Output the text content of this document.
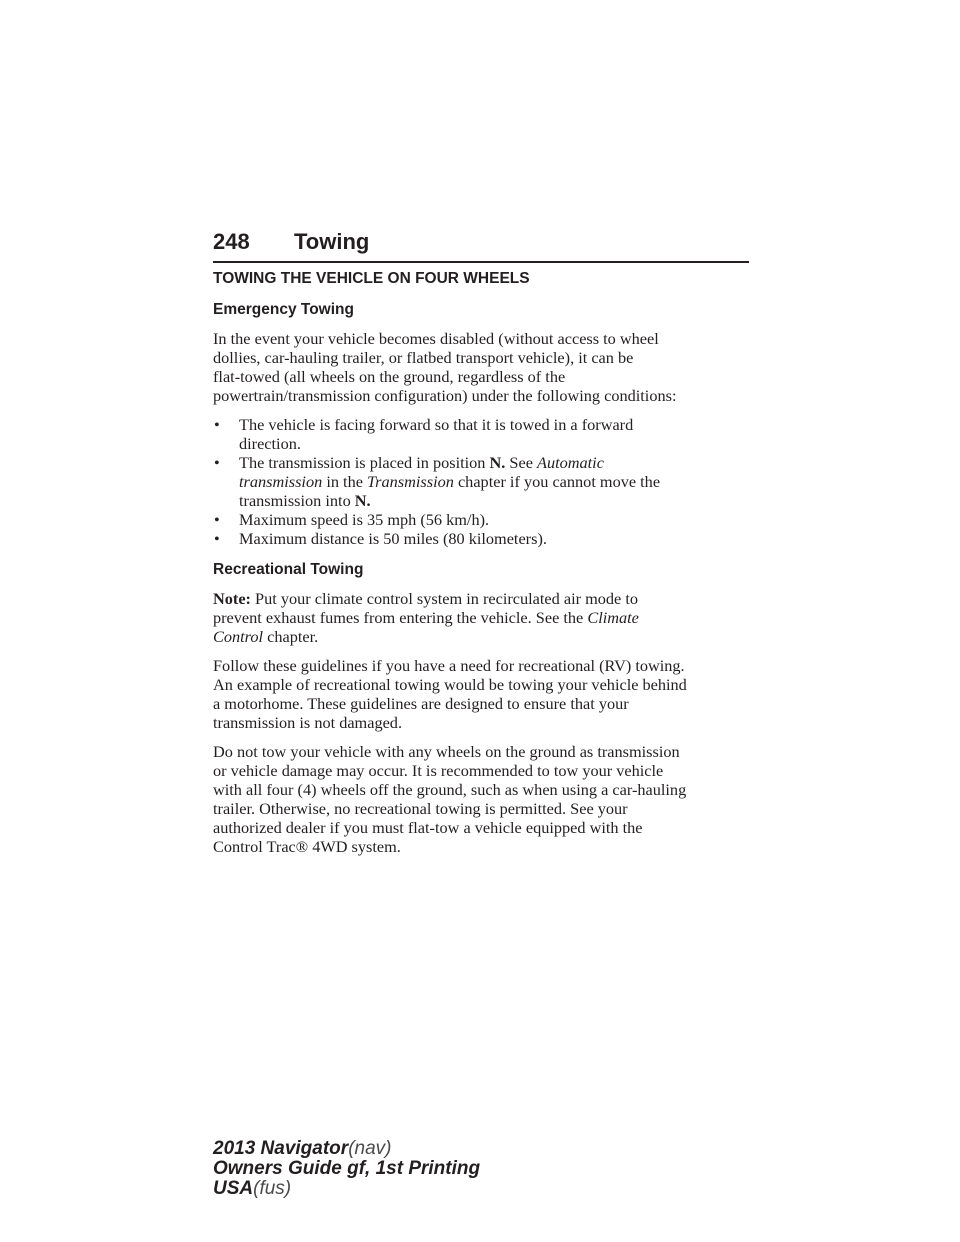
248 Towing
TOWING THE VEHICLE ON FOUR WHEELS
Emergency Towing
In the event your vehicle becomes disabled (without access to wheel
dollies, car-hauling trailer, or flatbed transport vehicle), it can be
flat-towed (all wheels on the ground, regardless of the
powertrain/transmission configuration) under the following conditions:
• The vehicle is facing forward so that it is towed in a forward
direction.
• The transmission is placed in position N. See Automatic
transmission in the Transmission chapter if you cannot move the
transmission into N.
• Maximum speed is 35 mph (56 km/h).
• Maximum distance is 50 miles (80 kilometers).
Recreational Towing
Note: Put your climate control system in recirculated air mode to
prevent exhaust fumes from entering the vehicle. See the Climate
Control chapter.
Follow these guidelines if you have a need for recreational (RV) towing.
An example of recreational towing would be towing your vehicle behind
a motorhome. These guidelines are designed to ensure that your
transmission is not damaged.
Do not tow your vehicle with any wheels on the ground as transmission
or vehicle damage may occur. It is recommended to tow your vehicle
with all four (4) wheels off the ground, such as when using a car-hauling
trailer. Otherwise, no recreational towing is permitted. See your
authorized dealer if you must flat-tow a vehicle equipped with the
Control Trac® 4WD system.
2013 Navigator(nav)
Owners Guide gf, 1st Printing
USA(fus)
